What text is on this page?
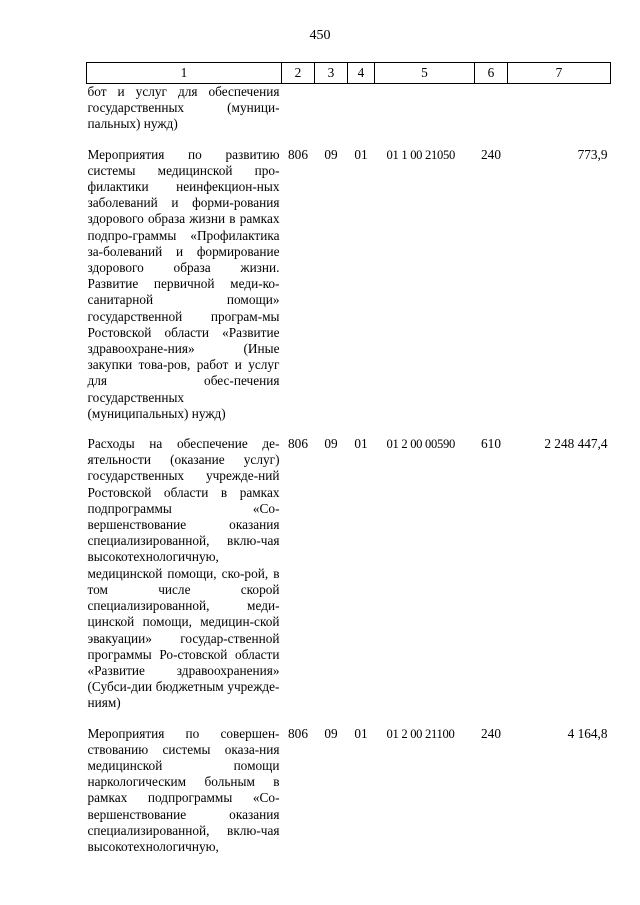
450
1	2	3	4	5	6	7
бот и услуг для обеспечения государственных (муници-пальных) нужд)						

Мероприятия по развитию системы медицинской про-филактики неинфекцион-ных заболеваний и форми-рования здорового образа жизни в рамках подпро-граммы «Профилактика за-болеваний и формирование здорового образа жизни. Развитие первичной меди-ко-санитарной помощи» государственной програм-мы Ростовской области «Развитие здравоохране-ния» (Иные закупки това-ров, работ и услуг для обес-печения государственных (муниципальных) нужд)	806	09	01	01 1 00 21050	240	773,9

Расходы на обеспечение де-ятельности (оказание услуг) государственных учрежде-ний Ростовской области в рамках подпрограммы «Со-вершенствование оказания специализированной, вклю-чая высокотехнологичную, медицинской помощи, ско-рой, в том числе скорой специализированной, меди-цинской помощи, медицин-ской эвакуации» государ-ственной программы Ро-стовской области «Развитие здравоохранения» (Субси-дии бюджетным учрежде-ниям)	806	09	01	01 2 00 00590	610	2 248 447,4

Мероприятия по совершен-ствованию системы оказа-ния медицинской помощи наркологическим больным в рамках подпрограммы «Со-вершенствование оказания специализированной, вклю-чая высокотехнологичную,	806	09	01	01 2 00 21100	240	4 164,8
